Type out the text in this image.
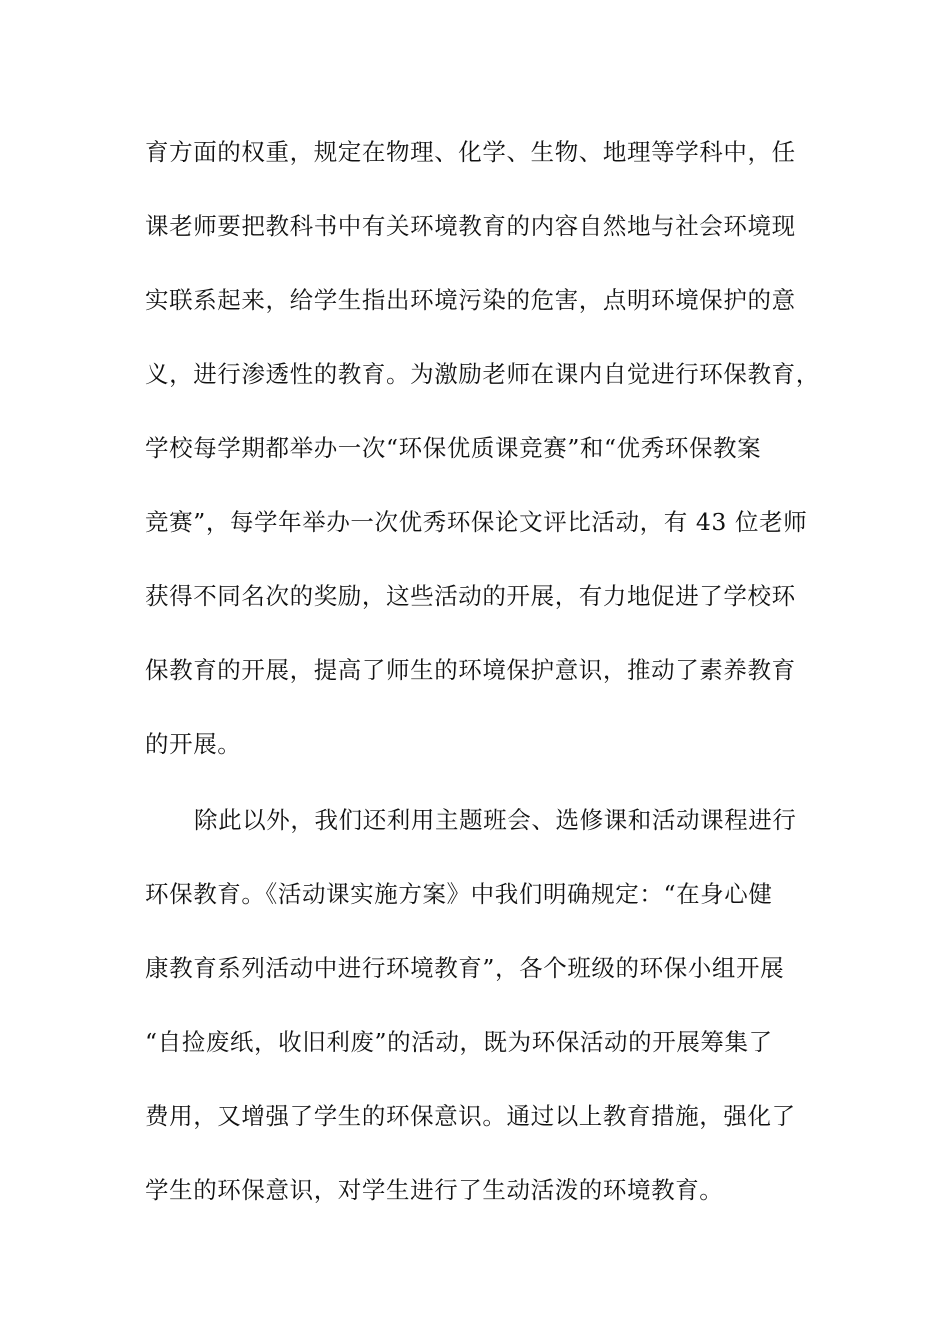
育方面的权重，规定在物理、化学、生物、地理等学科中，任
课老师要把教科书中有关环境教育的内容自然地与社会环境现
实联系起来，给学生指出环境污染的危害，点明环境保护的意
义，进行渗透性的教育。为激励老师在课内自觉进行环保教育，
学校每学期都举办一次“环保优质课竞赛”和“优秀环保教案
竞赛”，每学年举办一次优秀环保论文评比活动，有 43 位老师
获得不同名次的奖励，这些活动的开展，有力地促进了学校环
保教育的开展，提高了师生的环境保护意识，推动了素养教育
的开展。
除此以外，我们还利用主题班会、选修课和活动课程进行
环保教育。《活动课实施方案》中我们明确规定：“在身心健
康教育系列活动中进行环境教育”，各个班级的环保小组开展
“自捡废纸，收旧利废”的活动，既为环保活动的开展筹集了
费用，又增强了学生的环保意识。通过以上教育措施，强化了
学生的环保意识，对学生进行了生动活泼的环境教育。
